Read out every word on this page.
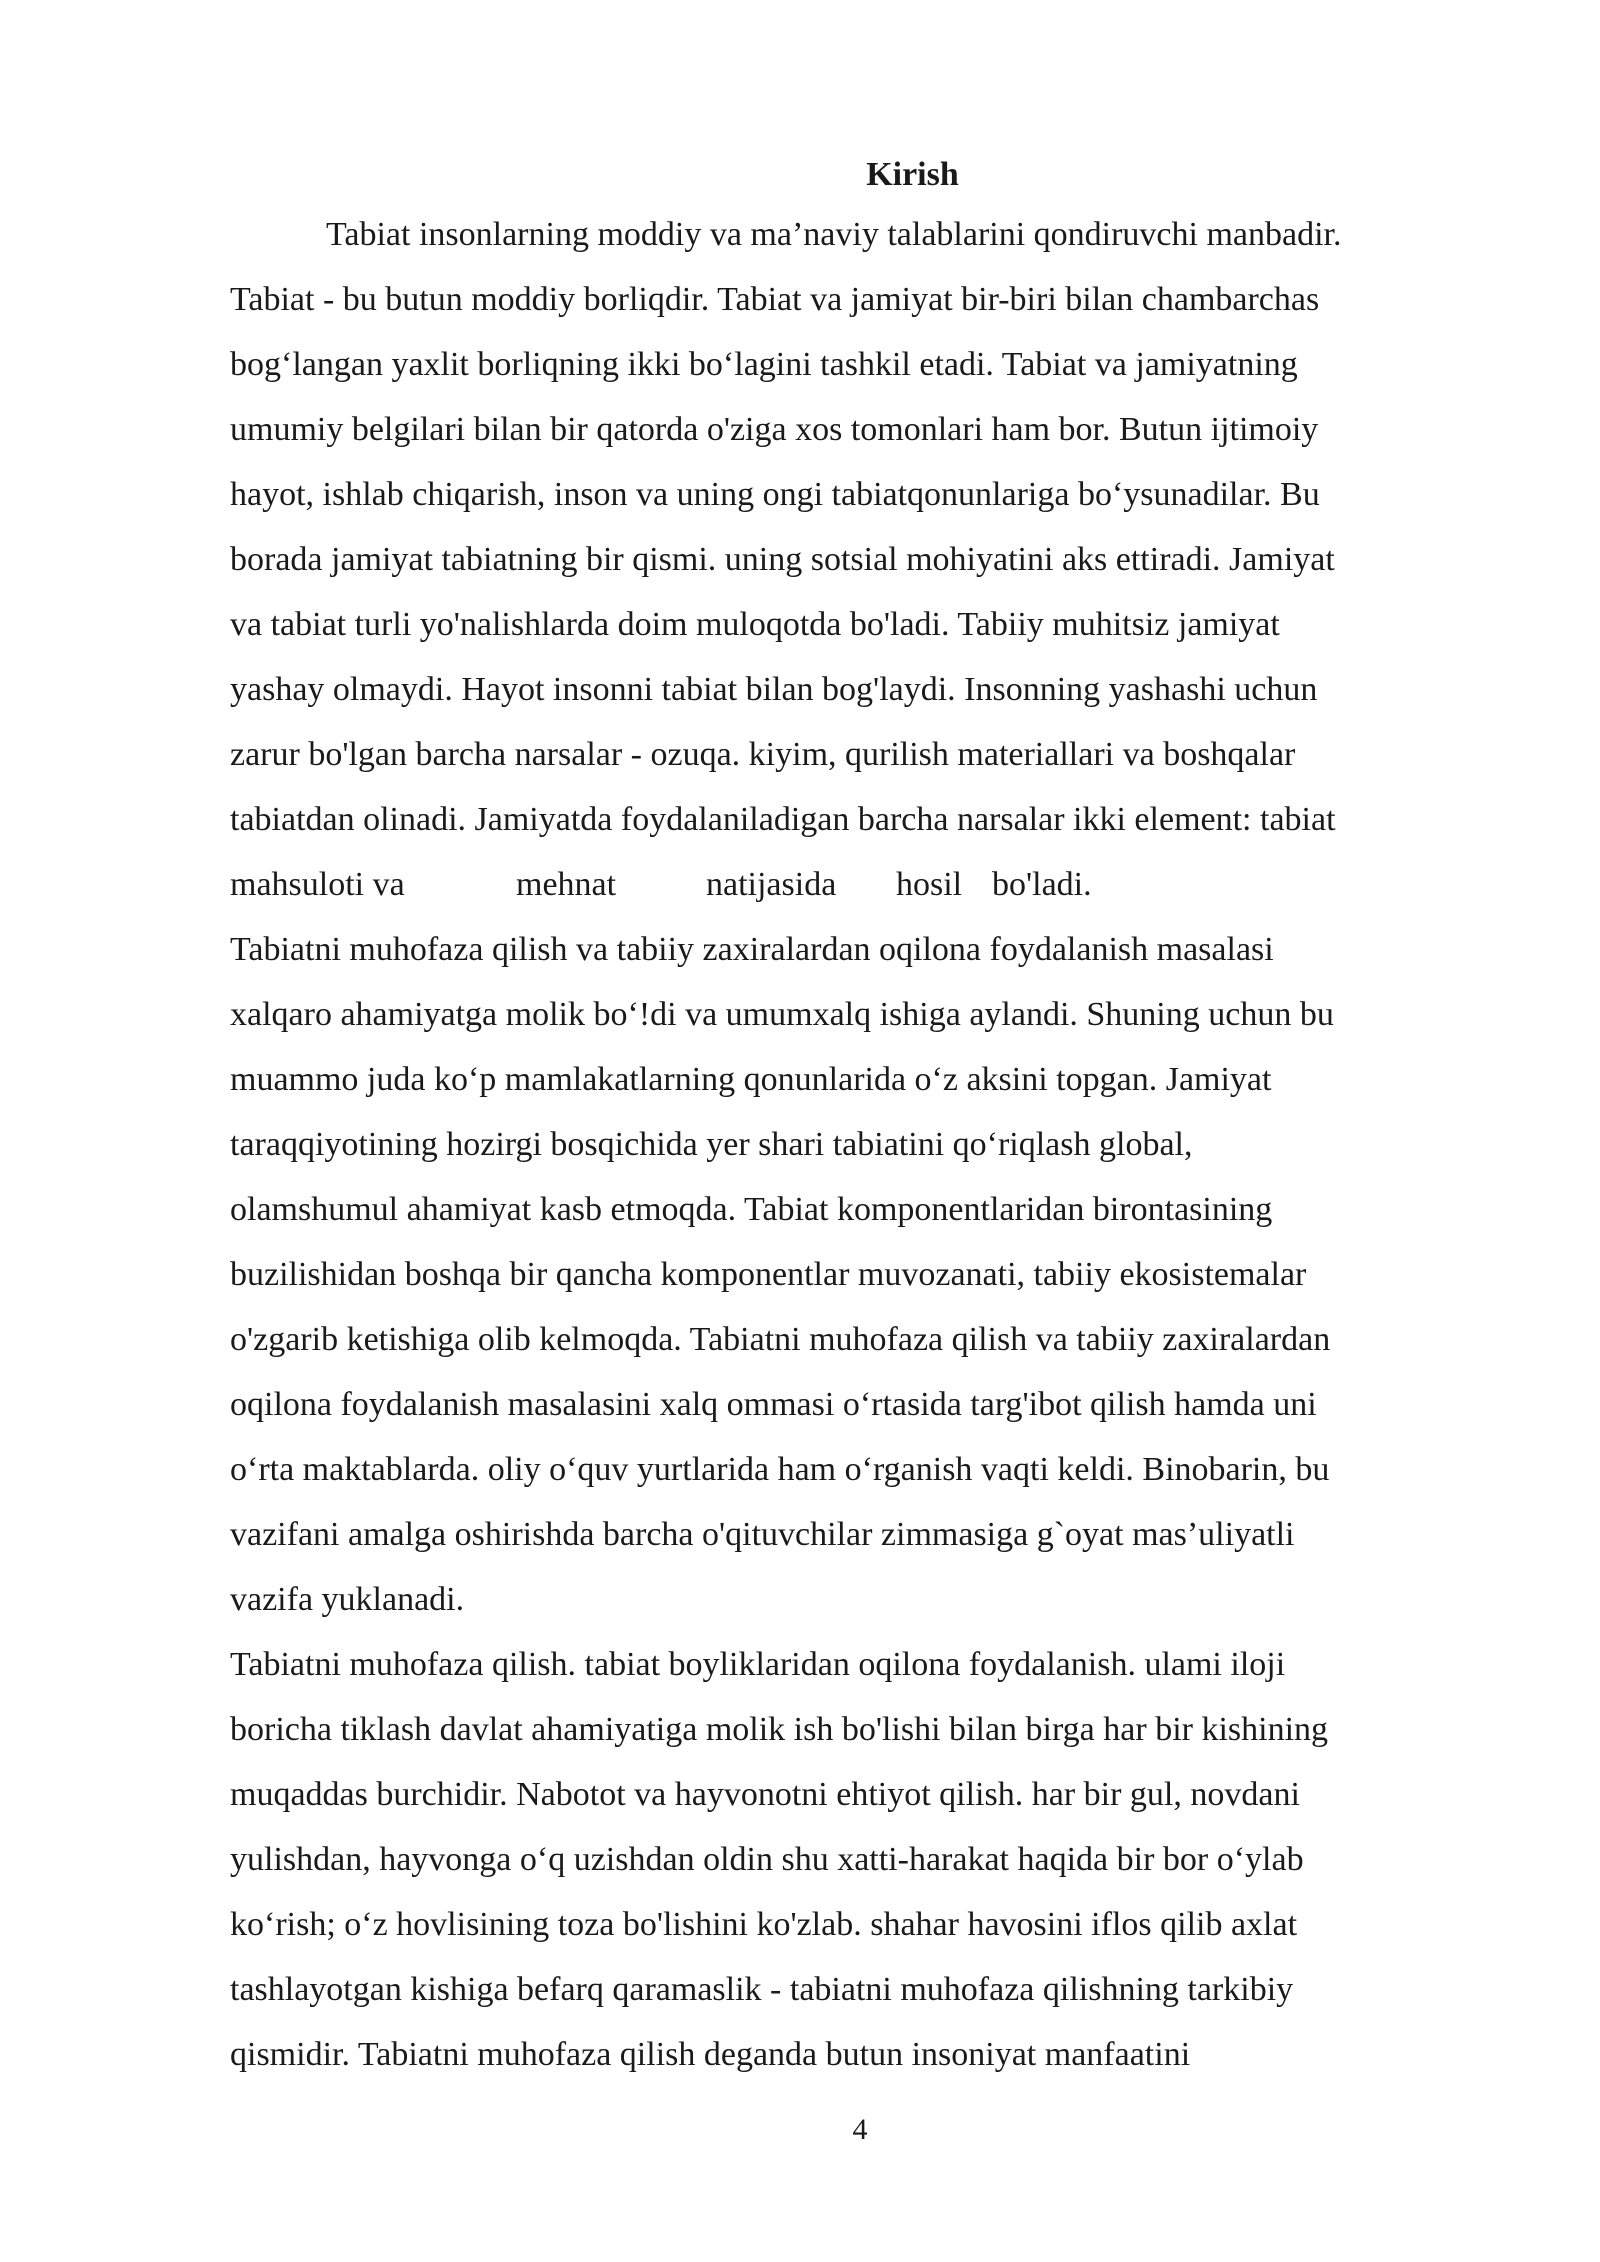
Kirish

Tabiat insonlarning moddiy va ma’naviy talablarini qondiruvchi manbadir.

Tabiat - bu butun moddiy borliqdir. Tabiat va jamiyat bir-biri bilan chambarchas

bog‘langan yaxlit borliqning ikki bo‘lagini tashkil etadi. Tabiat va jamiyatning

umumiy belgilari bilan bir qatorda o'ziga xos tomonlari ham bor. Butun ijtimoiy

hayot, ishlab chiqarish, inson va uning ongi tabiatqonunlariga bo‘ysunadilar. Bu

borada jamiyat tabiatning bir qismi. uning sotsial mohiyatini aks ettiradi. Jamiyat

va tabiat turli yo'nalishlarda doim muloqotda bo'ladi. Tabiiy muhitsiz jamiyat

yashay olmaydi. Hayot insonni tabiat bilan bog'laydi. Insonning yashashi uchun

zarur bo'lgan barcha narsalar - ozuqa. kiyim, qurilish materiallari va boshqalar

tabiatdan olinadi. Jamiyatda foydalaniladigan barcha narsalar ikki element: tabiat

mahsuloti va	mehnat	natijasida hosil bo'ladi.

Tabiatni muhofaza qilish va tabiiy zaxiralardan oqilona foydalanish masalasi

xalqaro ahamiyatga molik bo‘!di va umumxalq ishiga aylandi. Shuning uchun bu

muammo juda ko‘p mamlakatlarning qonunlarida o‘z aksini topgan. Jamiyat

taraqqiyotining hozirgi bosqichida yer shari tabiatini qo‘riqlash global,

olamshumul ahamiyat kasb etmoqda. Tabiat komponentlaridan birontasining

buzilishidan boshqa bir qancha komponentlar muvozanati, tabiiy ekosistemalar

o'zgarib ketishiga olib kelmoqda. Tabiatni muhofaza qilish va tabiiy zaxiralardan

oqilona foydalanish masalasini xalq ommasi o‘rtasida targ'ibot qilish hamda uni

o‘rta maktablarda. oliy o‘quv yurtlarida ham o‘rganish vaqti keldi. Binobarin, bu

vazifani amalga oshirishda barcha o'qituvchilar zimmasiga g`oyat mas’uliyatli

vazifa yuklanadi.

Tabiatni muhofaza qilish. tabiat boyliklaridan oqilona foydalanish. ulami iloji

boricha tiklash davlat ahamiyatiga molik ish bo'lishi bilan birga har bir kishining

muqaddas burchidir. Nabotot va hayvonotni ehtiyot qilish. har bir gul, novdani

yulishdan, hayvonga o‘q uzishdan oldin shu xatti-harakat haqida bir bor o‘ylab

ko‘rish; o‘z hovlisining toza bo'lishini ko'zlab. shahar havosini iflos qilib axlat

tashlayotgan kishiga befarq qaramaslik - tabiatni muhofaza qilishning tarkibiy

qismidir. Tabiatni muhofaza qilish deganda butun insoniyat manfaatini

4
